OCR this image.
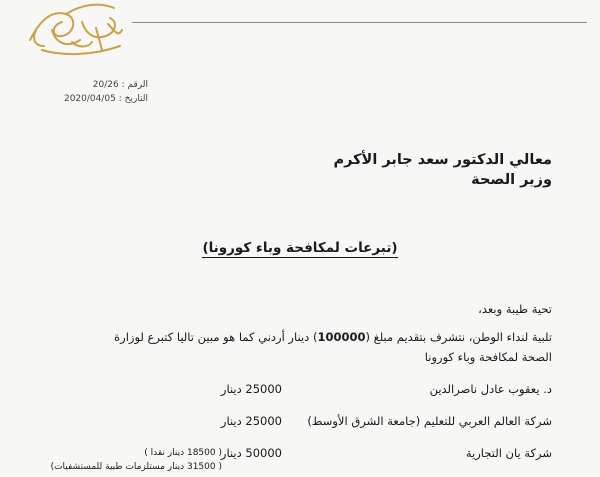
الرقم : 20/26
التاريخ : 2020/04/05
معالي الدكتور سعد جابر الأكرم
وزير الصحة
(تبرعات لمكافحة وباء كورونا)
تحية طيبة وبعد،
تلبية لنداء الوطن، نتشرف بتقديم مبلغ (100000) دينار أردني كما هو مبين تاليا كتبرع لوزارة
الصحة لمكافحة وباء كورونا
د. يعقوب عادل ناصرالدين
25000 دينار
شركة العالم العربي للتعليم (جامعة الشرق الأوسط)
25000 دينار
شركة يان التجارية
50000 دينار
( 18500 دينار نقدا )
( 31500 دينار مستلزمات طبية للمستشفيات)
